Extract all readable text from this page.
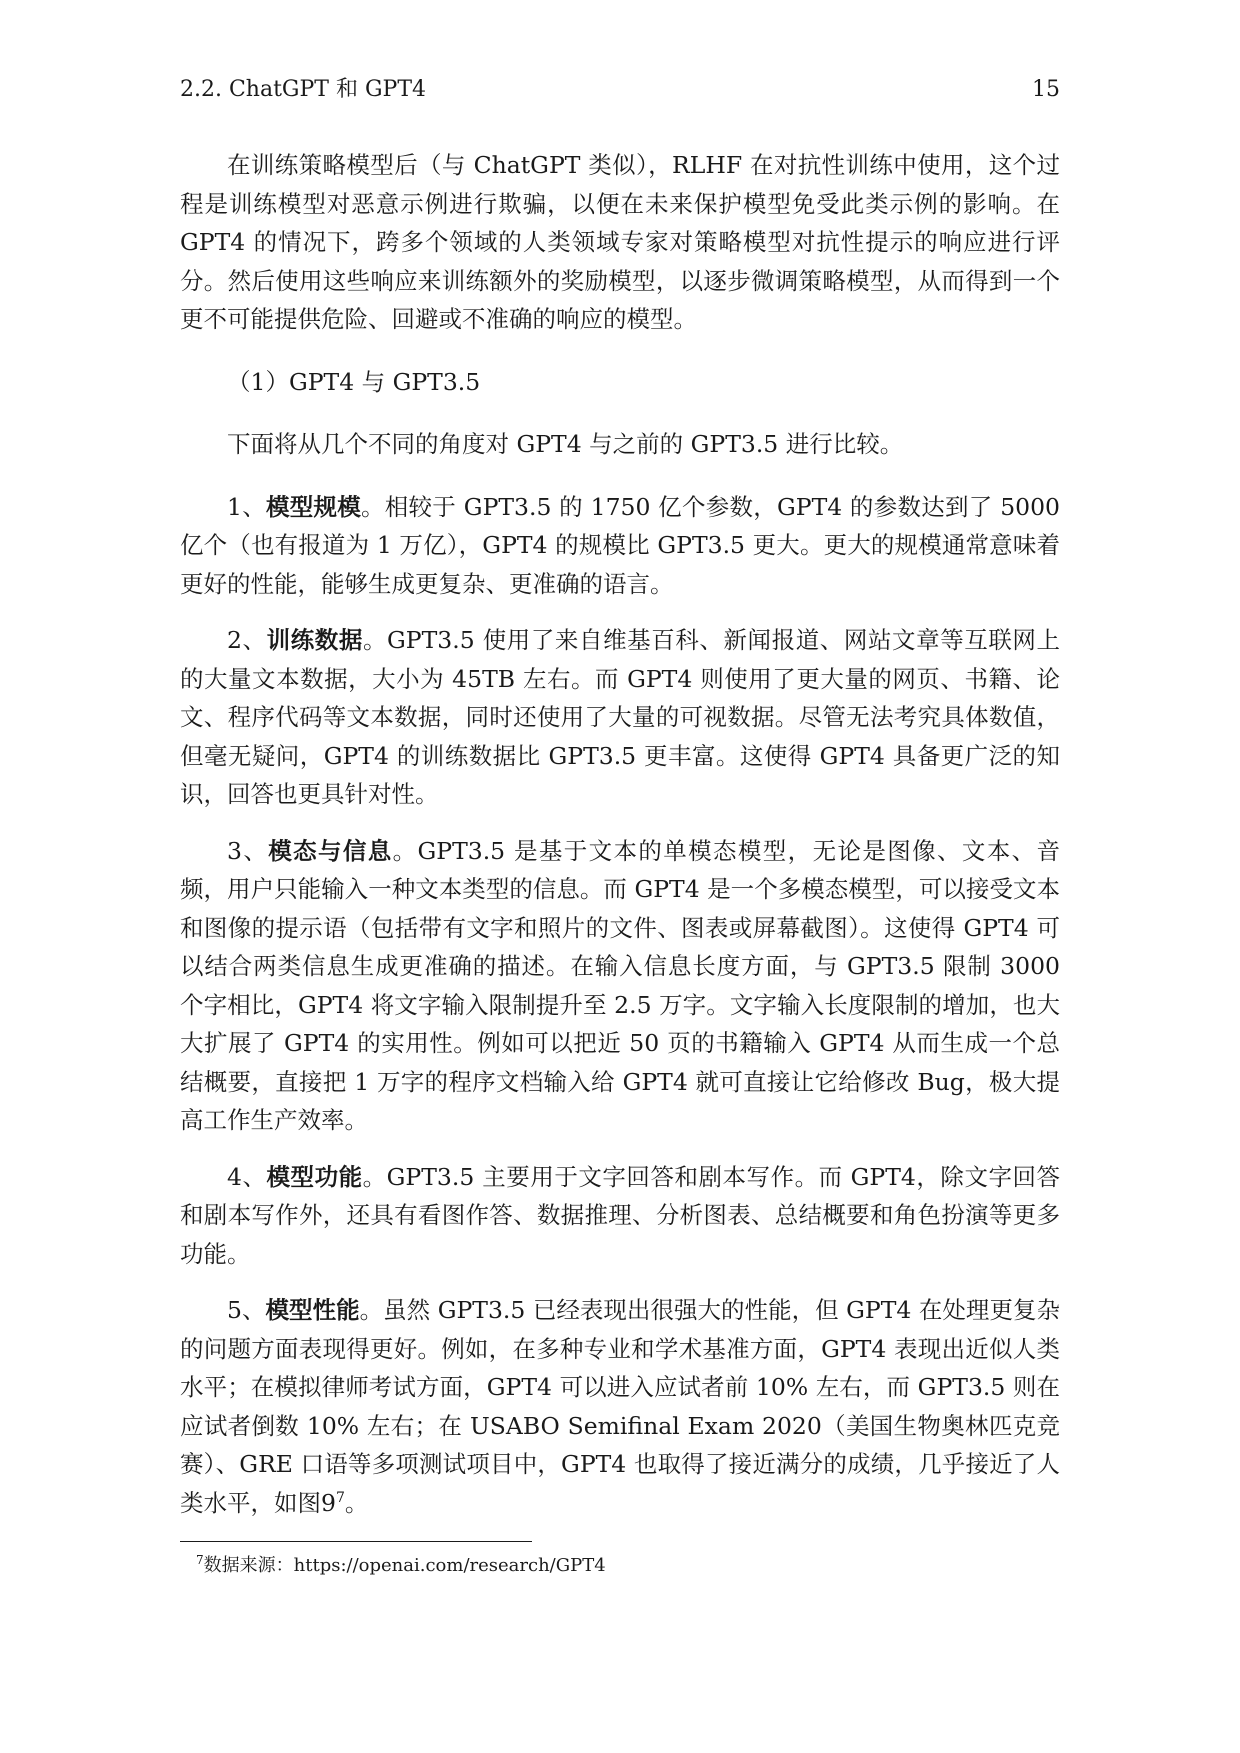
2.2. ChatGPT 和 GPT4	15

在训练策略模型后（与 ChatGPT 类似），RLHF 在对抗性训练中使用，这个过程是训练模型对恶意示例进行欺骗，以便在未来保护模型免受此类示例的影响。在 GPT4 的情况下，跨多个领域的人类领域专家对策略模型对抗性提示的响应进行评分。然后使用这些响应来训练额外的奖励模型，以逐步微调策略模型，从而得到一个更不可能提供危险、回避或不准确的响应的模型。

（1）GPT4 与 GPT3.5

下面将从几个不同的角度对 GPT4 与之前的 GPT3.5 进行比较。

1、模型规模。相较于 GPT3.5 的 1750 亿个参数，GPT4 的参数达到了 5000 亿个（也有报道为 1 万亿），GPT4 的规模比 GPT3.5 更大。更大的规模通常意味着更好的性能，能够生成更复杂、更准确的语言。

2、训练数据。GPT3.5 使用了来自维基百科、新闻报道、网站文章等互联网上的大量文本数据，大小为 45TB 左右。而 GPT4 则使用了更大量的网页、书籍、论文、程序代码等文本数据，同时还使用了大量的可视数据。尽管无法考究具体数值，但毫无疑问，GPT4 的训练数据比 GPT3.5 更丰富。这使得 GPT4 具备更广泛的知识，回答也更具针对性。

3、模态与信息。GPT3.5 是基于文本的单模态模型，无论是图像、文本、音频，用户只能输入一种文本类型的信息。而 GPT4 是一个多模态模型，可以接受文本和图像的提示语（包括带有文字和照片的文件、图表或屏幕截图）。这使得 GPT4 可以结合两类信息生成更准确的描述。在输入信息长度方面，与 GPT3.5 限制 3000 个字相比，GPT4 将文字输入限制提升至 2.5 万字。文字输入长度限制的增加，也大大扩展了 GPT4 的实用性。例如可以把近 50 页的书籍输入 GPT4 从而生成一个总结概要，直接把 1 万字的程序文档输入给 GPT4 就可直接让它给修改 Bug，极大提高工作生产效率。

4、模型功能。GPT3.5 主要用于文字回答和剧本写作。而 GPT4，除文字回答和剧本写作外，还具有看图作答、数据推理、分析图表、总结概要和角色扮演等更多功能。

5、模型性能。虽然 GPT3.5 已经表现出很强大的性能，但 GPT4 在处理更复杂的问题方面表现得更好。例如，在多种专业和学术基准方面，GPT4 表现出近似人类水平；在模拟律师考试方面，GPT4 可以进入应试者前 10% 左右，而 GPT3.5 则在应试者倒数 10% 左右；在 USABO Semifinal Exam 2020（美国生物奥林匹克竞赛）、GRE 口语等多项测试项目中，GPT4 也取得了接近满分的成绩，几乎接近了人类水平，如图$9^7$。

$^7$数据来源：https://openai.com/research/GPT4
